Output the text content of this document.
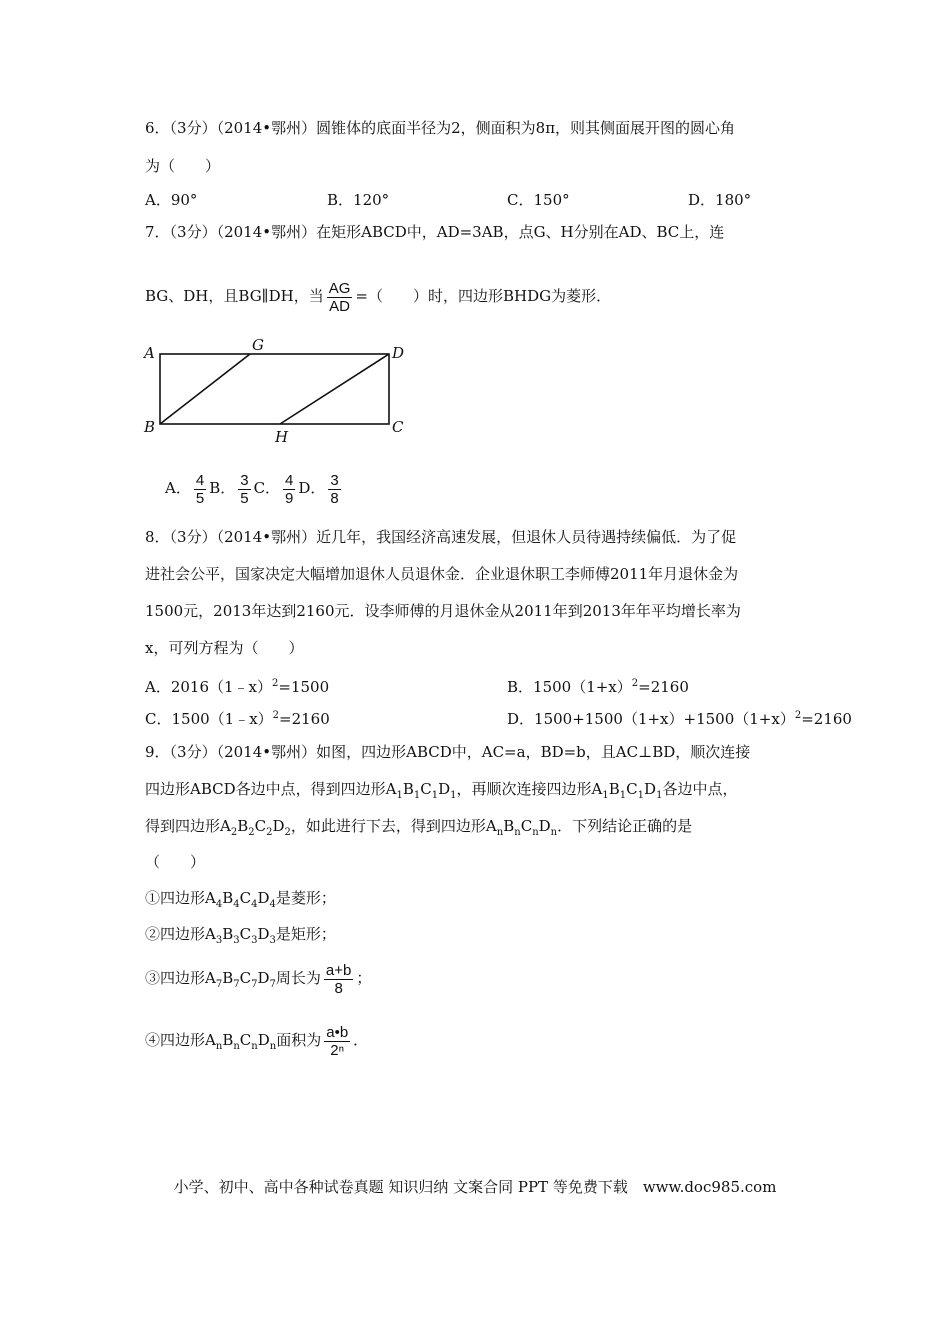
6．（3分）（2014•鄂州）圆锥体的底面半径为2，侧面积为8π，则其侧面展开图的圆心角
为（　　）
A．90°	B．120°	C．150°	D．180°
7．（3分）（2014•鄂州）在矩形ABCD中，AD=3AB，点G、H分别在AD、BC上，连
BG、DH，且BG∥DH，当 $\frac{AG}{AD}$ =（　　）时，四边形BHDG为菱形．
A	G	D
B
H
C
A． $\frac{4}{5}$ B． $\frac{3}{5}$ C． $\frac{4}{9}$ D． $\frac{3}{8}$
8．（3分）（2014•鄂州）近几年，我国经济高速发展，但退休人员待遇持续偏低．为了促
进社会公平，国家决定大幅增加退休人员退休金．企业退休职工李师傅2011年月退休金为
1500元，2013年达到2160元．设李师傅的月退休金从2011年到2013年年平均增长率为
x，可列方程为（　　）
A．2016（1﹣x）$^2$=1500	B．$1500(1+x)^2=2160$
C．1500（1﹣x）$^2$=2160	D．$1500+1500(1+x)+1500(1+x)^2=2160$
9．（3分）（2014•鄂州）如图，四边形ABCD中，AC=a，BD=b，且AC⊥BD，顺次连接
四边形ABCD各边中点，得到四边形$A_1B_1C_1D_1$，再顺次连接四边形$A_1B_1C_1D_1$各边中点，
得到四边形$A_2B_2C_2D_2$，如此进行下去，得到四边形$A_nB_nC_nD_n$．下列结论正确的是
（　　）
①四边形$A_4B_4C_4D_4$是菱形；
②四边形$A_3B_3C_3D_3$是矩形；
③四边形$A_7B_7C_7D_7$周长为 $\frac{a+b}{8}$ ；
④四边形$A_nB_nC_nD_n$面积为 $\frac{a•b}{\text{2ⁿ}}$ ．
小学、初中、高中各种试卷真题 知识归纳 文案合同 PPT 等免费下载　www.doc985.com
